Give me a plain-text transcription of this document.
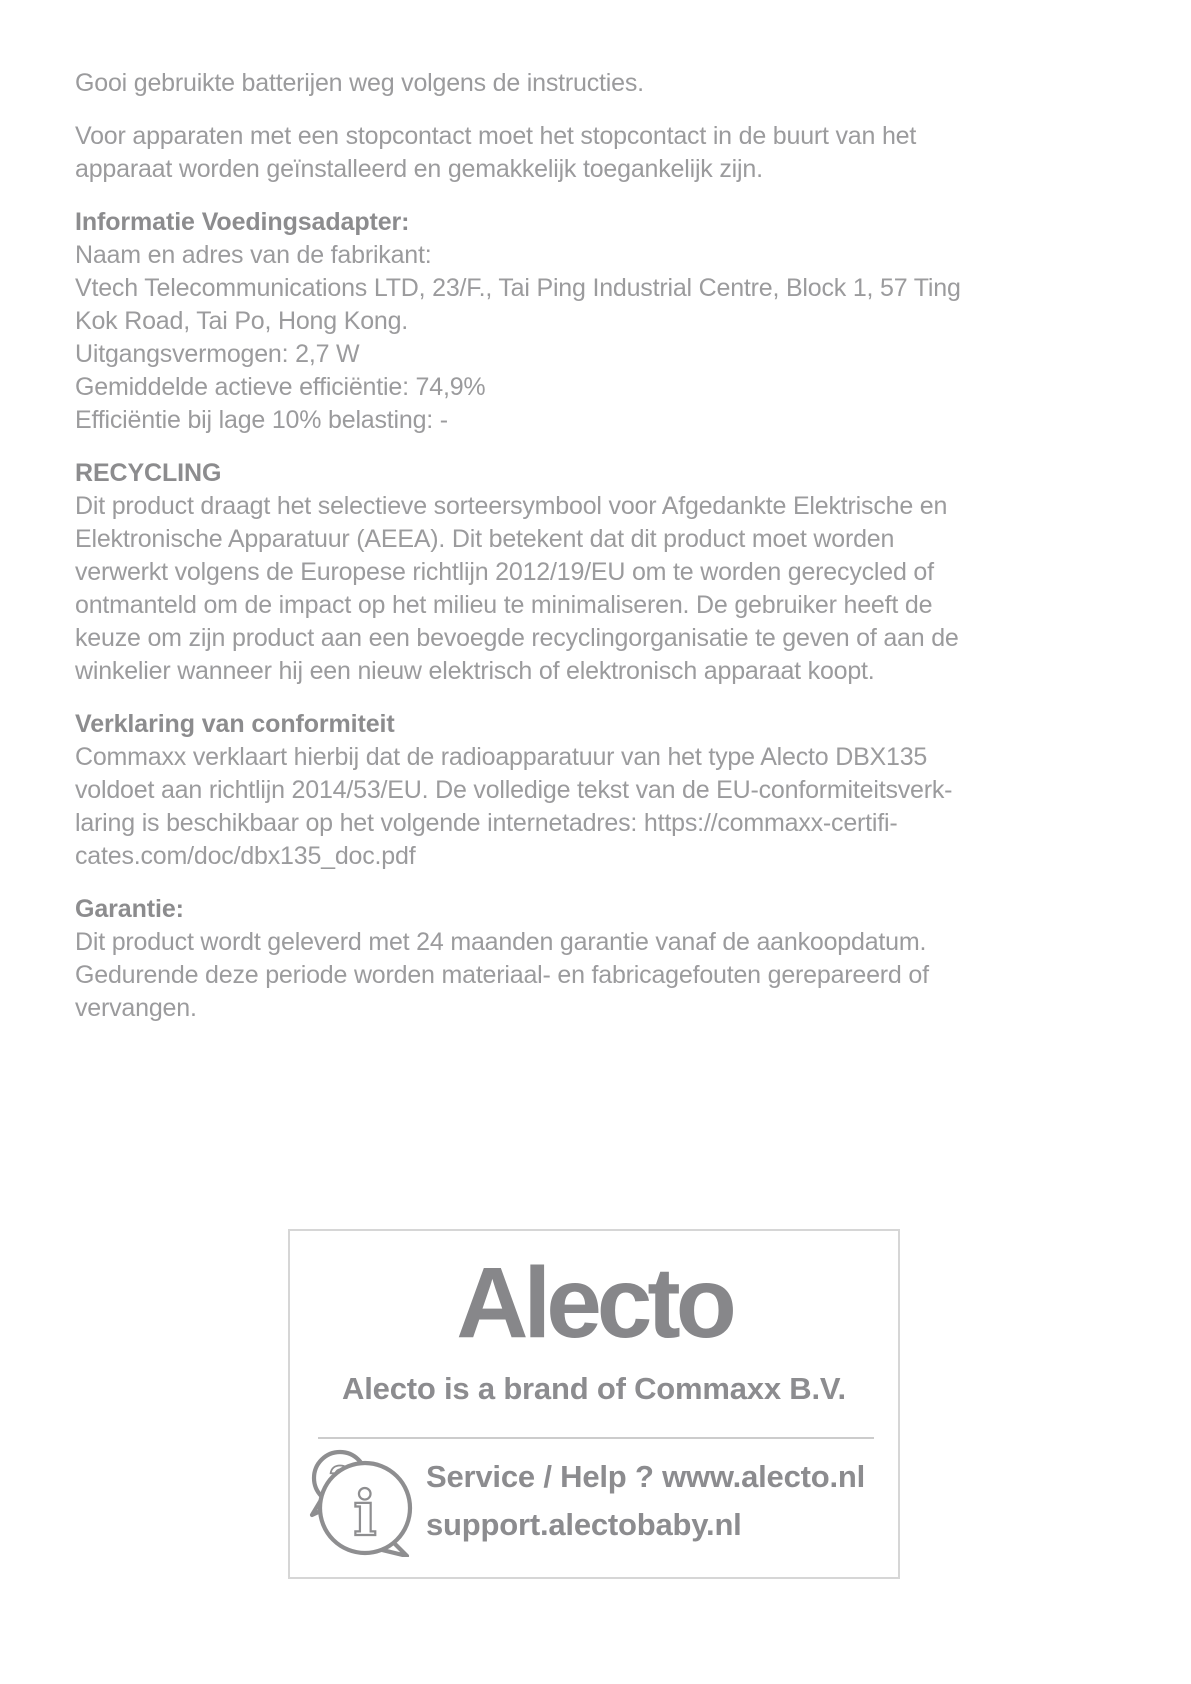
Gooi gebruikte batterijen weg volgens de instructies.
Voor apparaten met een stopcontact moet het stopcontact in de buurt van het
apparaat worden geïnstalleerd en gemakkelijk toegankelijk zijn.
Informatie Voedingsadapter:
Naam en adres van de fabrikant:
Vtech Telecommunications LTD, 23/F., Tai Ping Industrial Centre, Block 1, 57 Ting
Kok Road, Tai Po, Hong Kong.
Uitgangsvermogen: 2,7 W
Gemiddelde actieve efficiëntie: 74,9%
Efficiëntie bij lage 10% belasting: -
RECYCLING
Dit product draagt het selectieve sorteersymbool voor Afgedankte Elektrische en
Elektronische Apparatuur (AEEA). Dit betekent dat dit product moet worden
verwerkt volgens de Europese richtlijn 2012/19/EU om te worden gerecycled of
ontmanteld om de impact op het milieu te minimaliseren. De gebruiker heeft de
keuze om zijn product aan een bevoegde recyclingorganisatie te geven of aan de
winkelier wanneer hij een nieuw elektrisch of elektronisch apparaat koopt.
Verklaring van conformiteit
Commaxx verklaart hierbij dat de radioapparatuur van het type Alecto DBX135
voldoet aan richtlijn 2014/53/EU. De volledige tekst van de EU-conformiteitsverk-
laring is beschikbaar op het volgende internetadres: https://commaxx-certifi-
cates.com/doc/dbx135_doc.pdf
Garantie:
Dit product wordt geleverd met 24 maanden garantie vanaf de aankoopdatum.
Gedurende deze periode worden materiaal- en fabricagefouten gerepareerd of
vervangen.
Alecto
Alecto is a brand of Commaxx B.V.
i
Service / Help ? www.alecto.nl
support.alectobaby.nl
